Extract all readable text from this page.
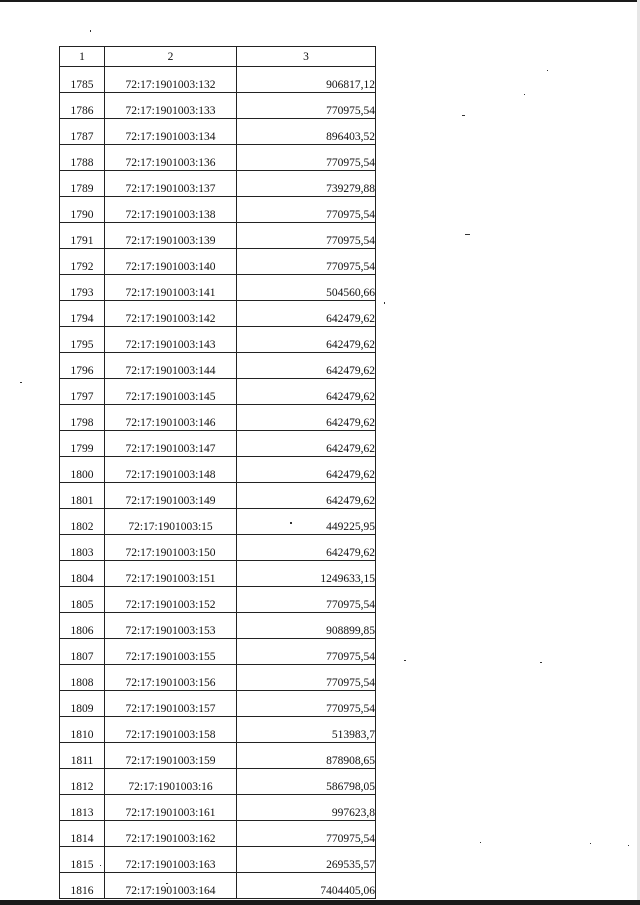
1	2	3
1785	72:17:1901003:132	906817,12
1786	72:17:1901003:133	770975,54
1787	72:17:1901003:134	896403,52
1788	72:17:1901003:136	770975,54
1789	72:17:1901003:137	739279,88
1790	72:17:1901003:138	770975,54
1791	72:17:1901003:139	770975,54
1792	72:17:1901003:140	770975,54
1793	72:17:1901003:141	504560,66
1794	72:17:1901003:142	642479,62
1795	72:17:1901003:143	642479,62
1796	72:17:1901003:144	642479,62
1797	72:17:1901003:145	642479,62
1798	72:17:1901003:146	642479,62
1799	72:17:1901003:147	642479,62
1800	72:17:1901003:148	642479,62
1801	72:17:1901003:149	642479,62
1802	72:17:1901003:15	449225,95
1803	72:17:1901003:150	642479,62
1804	72:17:1901003:151	1249633,15
1805	72:17:1901003:152	770975,54
1806	72:17:1901003:153	908899,85
1807	72:17:1901003:155	770975,54
1808	72:17:1901003:156	770975,54
1809	72:17:1901003:157	770975,54
1810	72:17:1901003:158	513983,7
1811	72:17:1901003:159	878908,65
1812	72:17:1901003:16	586798,05
1813	72:17:1901003:161	997623,8
1814	72:17:1901003:162	770975,54
1815	72:17:1901003:163	269535,57
1816	72:17:1901003:164	7404405,06
